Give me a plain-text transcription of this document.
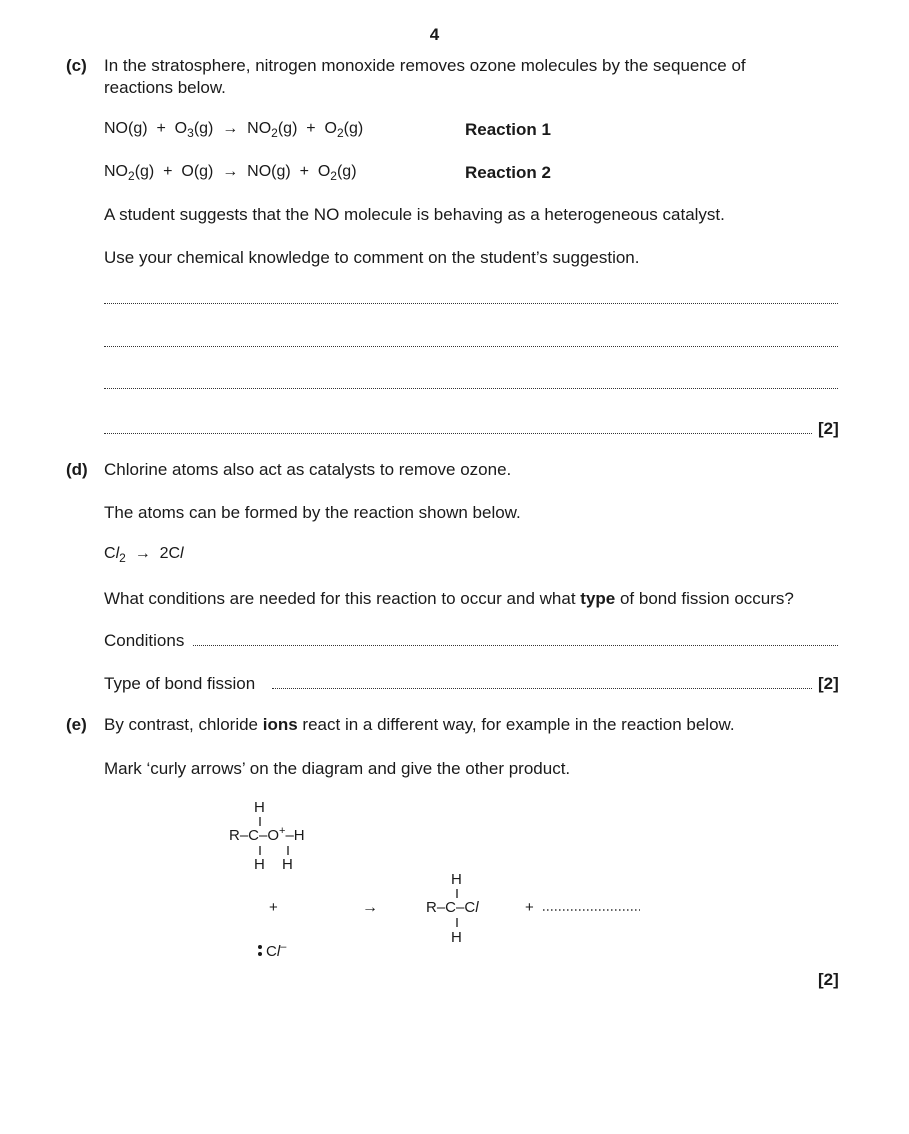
4
(c) In the stratosphere, nitrogen monoxide removes ozone molecules by the sequence of
reactions below.
$NO(g) + O_3(g) \to NO_2(g) + O_2(g)$	Reaction 1
$NO_2(g) + O(g) \to NO(g) + O_2(g)$	Reaction 2
A student suggests that the NO molecule is behaving as a heterogeneous catalyst.
Use your chemical knowledge to comment on the student’s suggestion.
[2]
(d) Chlorine atoms also act as catalysts to remove ozone.
The atoms can be formed by the reaction shown below.
$Cl_2 \to 2Cl$
What conditions are needed for this reaction to occur and what type of bond fission occurs?
Conditions
Type of bond fission	[2]
(e) By contrast, chloride ions react in a different way, for example in the reaction below.
Mark ‘curly arrows’ on the diagram and give the other product.
H
R–C–O+–H
H H
+
Cl–
→
H
R–C–Cl
H
+
[2]
